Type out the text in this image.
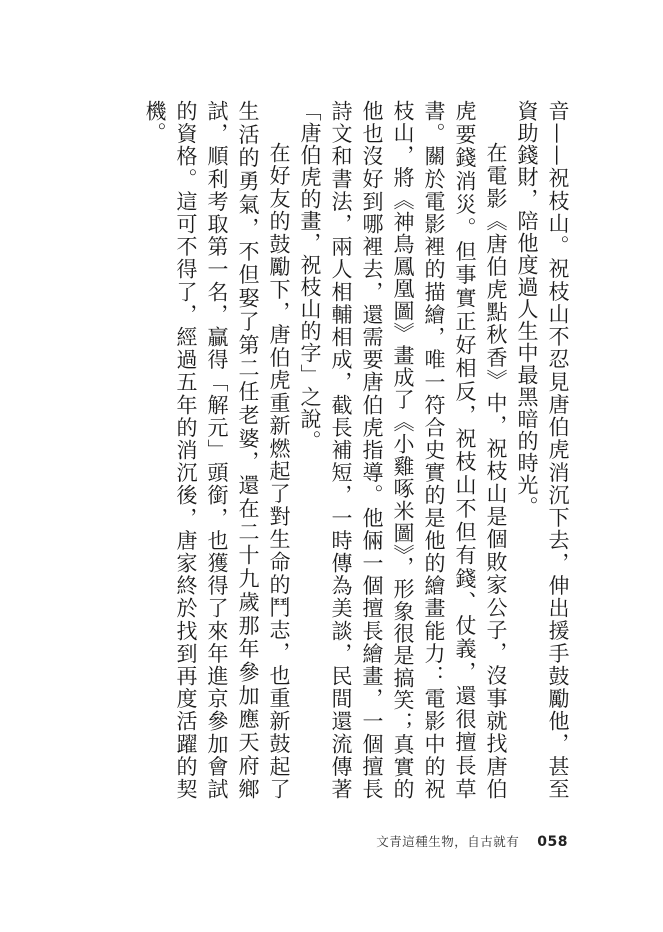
音——祝枝山。祝枝山不忍見唐伯虎消沉下去，伸出援手鼓勵他，甚至資助錢財，陪他度過人生中最黑暗的時光。

在電影《唐伯虎點秋香》中，祝枝山是個敗家公子，沒事就找唐伯虎要錢消災。但事實正好相反，祝枝山不但有錢、仗義，還很擅長草書。關於電影裡的描繪，唯一符合史實的是他的繪畫能力：電影中的祝枝山，將《神鳥鳳凰圖》畫成了《小雞啄米圖》，形象很是搞笑；真實的他也沒好到哪裡去，還需要唐伯虎指導。他倆一個擅長繪畫，一個擅長詩文和書法，兩人相輔相成，截長補短，一時傳為美談，民間還流傳著「唐伯虎的畫，祝枝山的字」之說。

在好友的鼓勵下，唐伯虎重新燃起了對生命的鬥志，也重新鼓起了生活的勇氣，不但娶了第二任老婆，還在二十九歲那年參加應天府鄉試，順利考取第一名，贏得「解元」頭銜，也獲得了來年進京參加會試的資格。這可不得了，經過五年的消沉後，唐家終於找到再度活躍的契機。

文青這種生物，自古就有 058
